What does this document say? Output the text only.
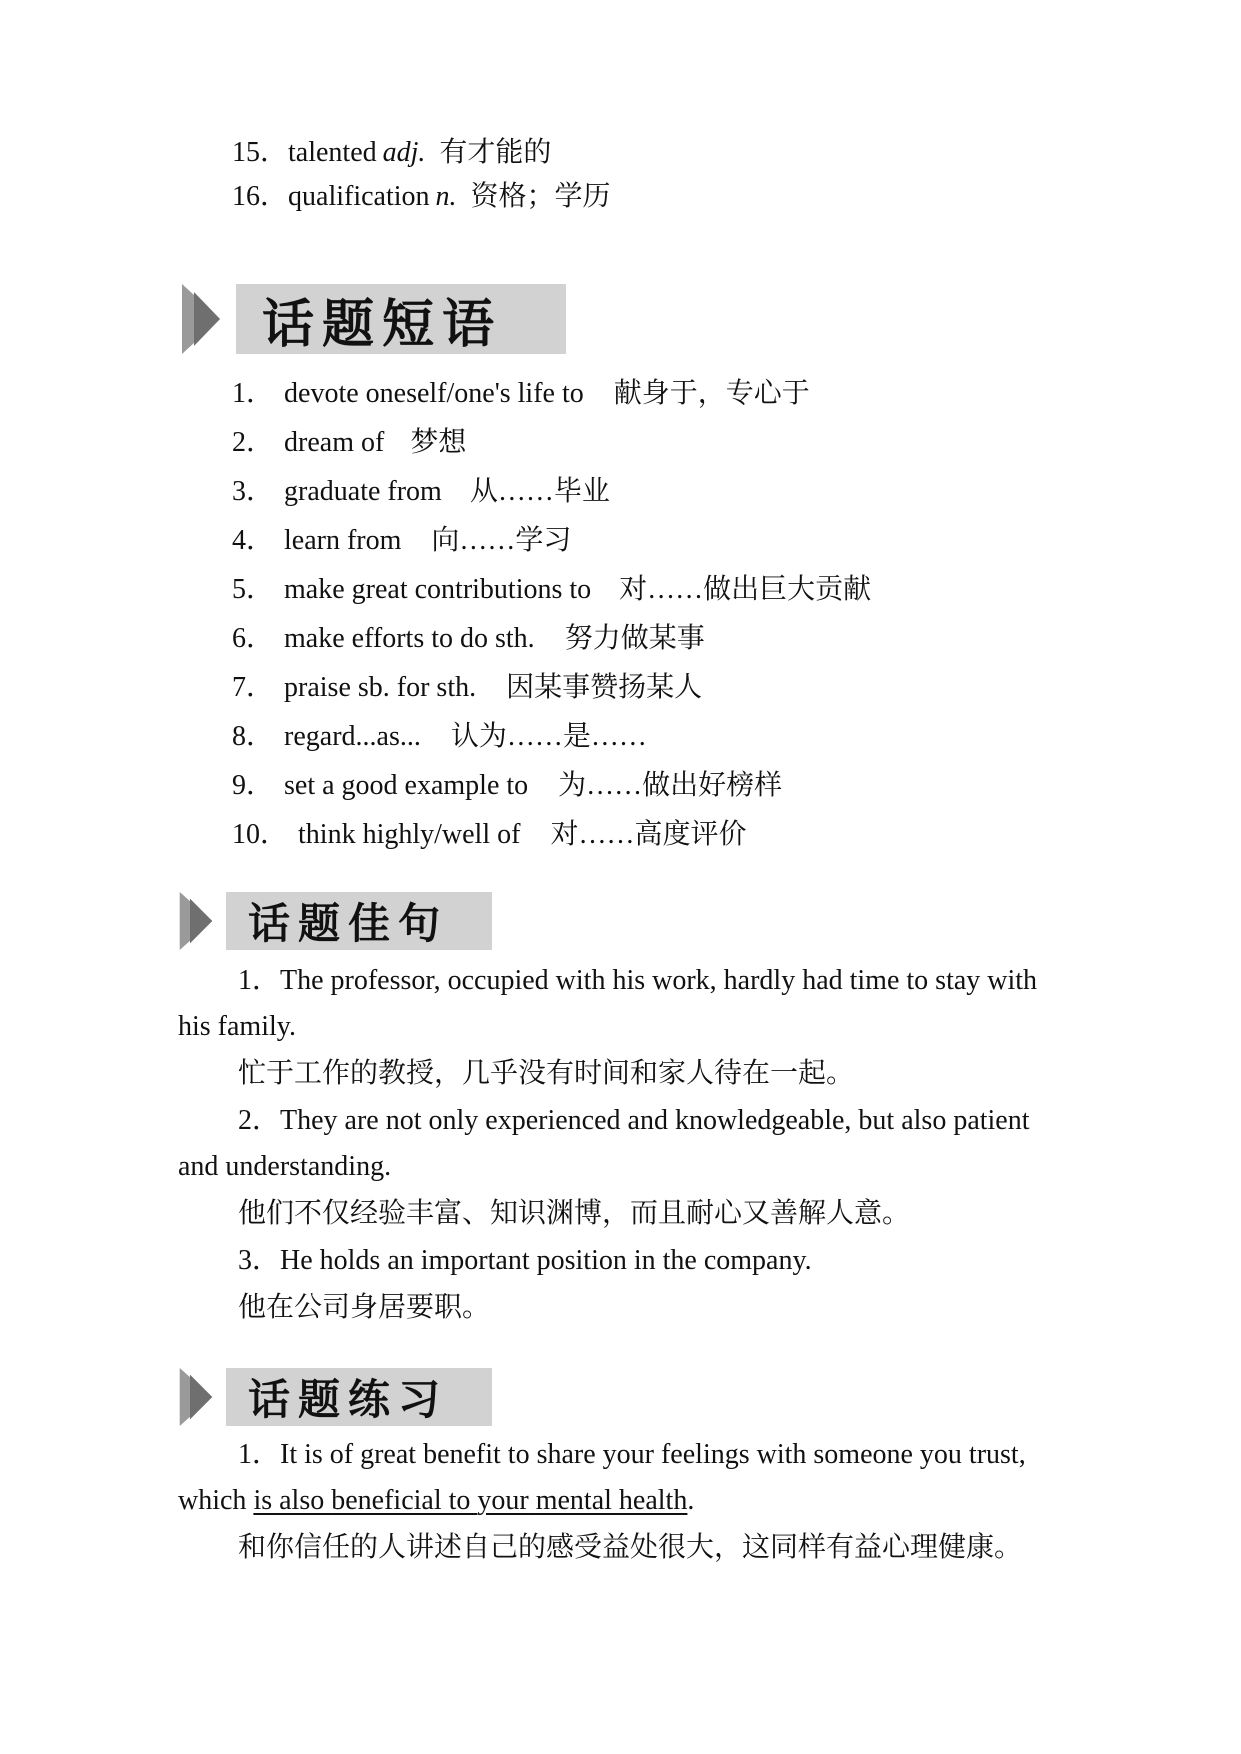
15．talented adj. 有才能的
16．qualification n. 资格；学历
话题短语
1． devote oneself/one's life to 献身于，专心于
2． dream of 梦想
3． graduate from 从……毕业
4． learn from 向……学习
5． make great contributions to 对……做出巨大贡献
6． make efforts to do sth. 努力做某事
7． praise sb. for sth. 因某事赞扬某人
8． regard...as... 认为……是……
9． set a good example to 为……做出好榜样
10． think highly/well of 对……高度评价
话题佳句
1．The professor, occupied with his work, hardly had time to stay with his family.
忙于工作的教授，几乎没有时间和家人待在一起。
2．They are not only experienced and knowledgeable, but also patient and understanding.
他们不仅经验丰富、知识渊博，而且耐心又善解人意。
3．He holds an important position in the company.
他在公司身居要职。
话题练习
1．It is of great benefit to share your feelings with someone you trust, which is also beneficial to your mental health.
和你信任的人讲述自己的感受益处很大，这同样有益心理健康。
